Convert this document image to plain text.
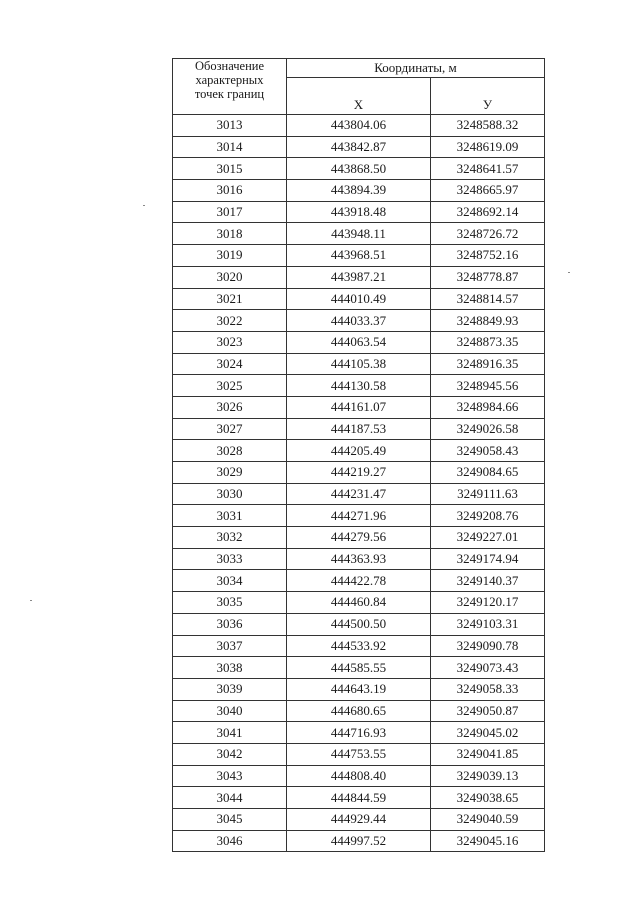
Обозначение
характерных
точек границ	Координаты, м	
	X	У
3013	443804.06	3248588.32
3014	443842.87	3248619.09
3015	443868.50	3248641.57
3016	443894.39	3248665.97
3017	443918.48	3248692.14
3018	443948.11	3248726.72
3019	443968.51	3248752.16
3020	443987.21	3248778.87
3021	444010.49	3248814.57
3022	444033.37	3248849.93
3023	444063.54	3248873.35
3024	444105.38	3248916.35
3025	444130.58	3248945.56
3026	444161.07	3248984.66
3027	444187.53	3249026.58
3028	444205.49	3249058.43
3029	444219.27	3249084.65
3030	444231.47	3249111.63
3031	444271.96	3249208.76
3032	444279.56	3249227.01
3033	444363.93	3249174.94
3034	444422.78	3249140.37
3035	444460.84	3249120.17
3036	444500.50	3249103.31
3037	444533.92	3249090.78
3038	444585.55	3249073.43
3039	444643.19	3249058.33
3040	444680.65	3249050.87
3041	444716.93	3249045.02
3042	444753.55	3249041.85
3043	444808.40	3249039.13
3044	444844.59	3249038.65
3045	444929.44	3249040.59
3046	444997.52	3249045.16
